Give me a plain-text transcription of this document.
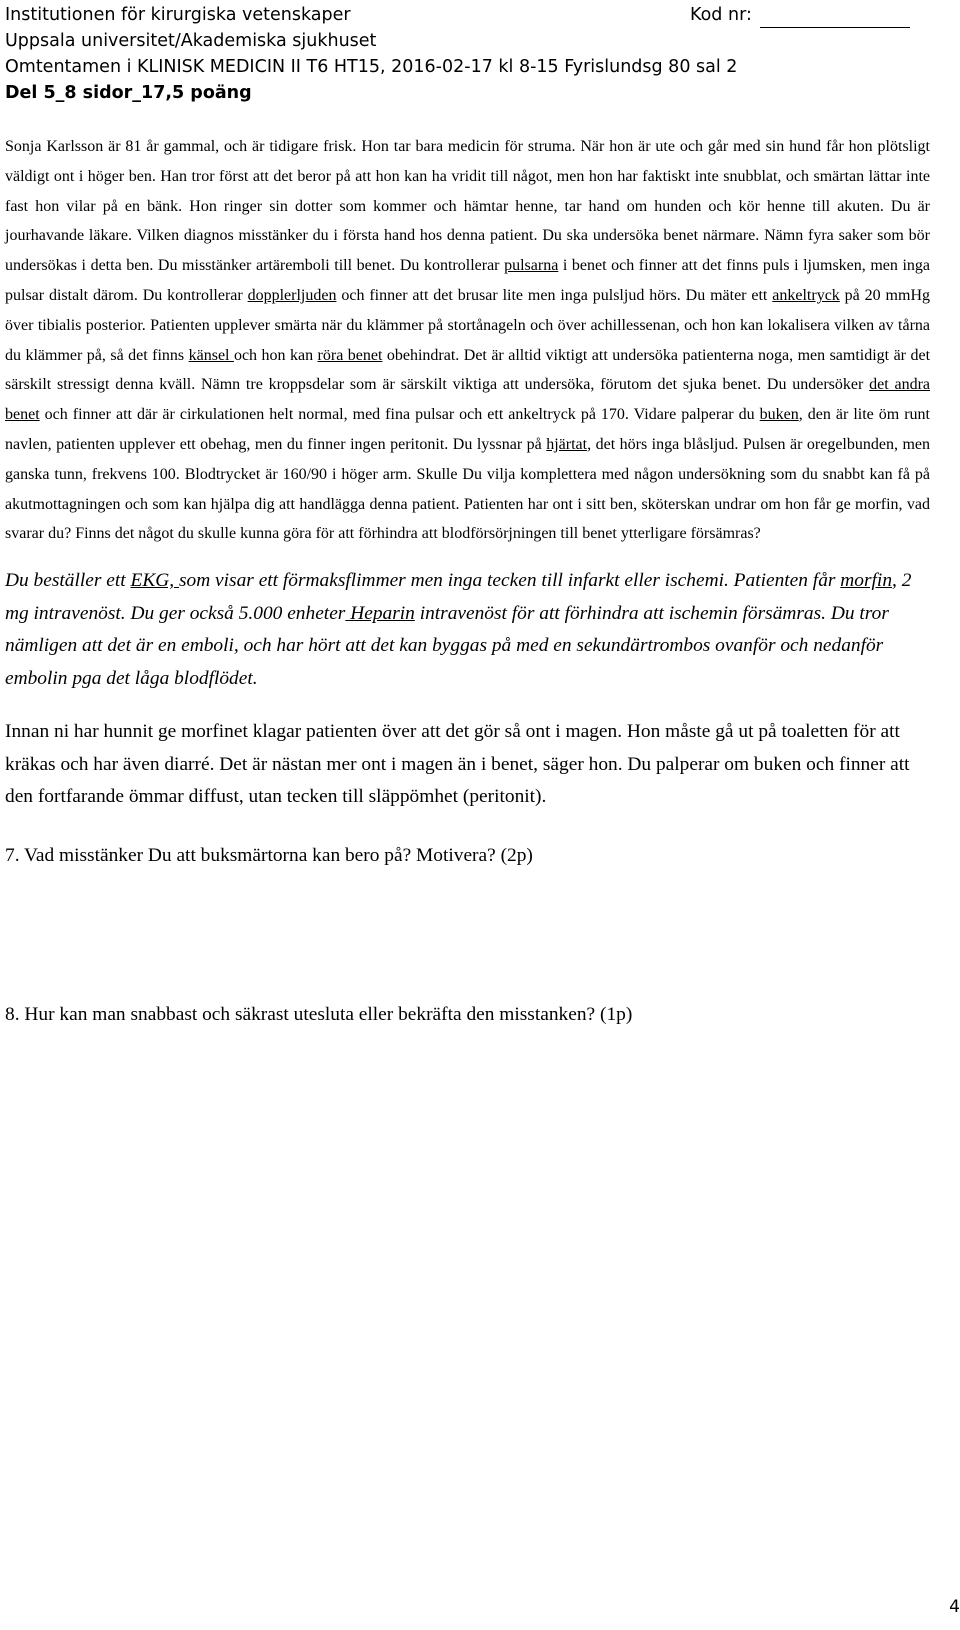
Institutionen för kirurgiska vetenskaper
Uppsala universitet/Akademiska sjukhuset
Omtentamen i KLINISK MEDICIN II T6 HT15, 2016-02-17 kl 8-15 Fyrislundsg 80 sal 2
Del 5_8 sidor_17,5 poäng
Kod nr:
Sonja Karlsson är 81 år gammal, och är tidigare frisk. Hon tar bara medicin för struma. När hon är ute och går med sin hund får hon plötsligt väldigt ont i höger ben. Han tror först att det beror på att hon kan ha vridit till något, men hon har faktiskt inte snubblat, och smärtan lättar inte fast hon vilar på en bänk. Hon ringer sin dotter som kommer och hämtar henne, tar hand om hunden och kör henne till akuten. Du är jourhavande läkare. Vilken diagnos misstänker du i första hand hos denna patient. Du ska undersöka benet närmare. Nämn fyra saker som bör undersökas i detta ben. Du misstänker artäremboli till benet. Du kontrollerar pulsarna i benet och finner att det finns puls i ljumsken, men inga pulsar distalt därom. Du kontrollerar dopplerljuden och finner att det brusar lite men inga pulsljud hörs. Du mäter ett ankeltryck på 20 mmHg över tibialis posterior. Patienten upplever smärta när du klämmer på stortånageln och över achillessenan, och hon kan lokalisera vilken av tårna du klämmer på, så det finns känsel och hon kan röra benet obehindrat. Det är alltid viktigt att undersöka patienterna noga, men samtidigt är det särskilt stressigt denna kväll. Nämn tre kroppsdelar som är särskilt viktiga att undersöka, förutom det sjuka benet. Du undersöker det andra benet och finner att där är cirkulationen helt normal, med fina pulsar och ett ankeltryck på 170. Vidare palperar du buken, den är lite öm runt navlen, patienten upplever ett obehag, men du finner ingen peritonit. Du lyssnar på hjärtat, det hörs inga blåsljud. Pulsen är oregelbunden, men ganska tunn, frekvens 100. Blodtrycket är 160/90 i höger arm. Skulle Du vilja komplettera med någon undersökning som du snabbt kan få på akutmottagningen och som kan hjälpa dig att handlägga denna patient. Patienten har ont i sitt ben, sköterskan undrar om hon får ge morfin, vad svarar du? Finns det något du skulle kunna göra för att förhindra att blodförsörjningen till benet ytterligare försämras?
Du beställer ett EKG, som visar ett förmaksflimmer men inga tecken till infarkt eller ischemi. Patienten får morfin, 2 mg intravenöst. Du ger också 5.000 enheter Heparin intravenöst för att förhindra att ischemin försämras. Du tror nämligen att det är en emboli, och har hört att det kan byggas på med en sekundärtrombos ovanför och nedanför embolin pga det låga blodflödet.
Innan ni har hunnit ge morfinet klagar patienten över att det gör så ont i magen. Hon måste gå ut på toaletten för att kräkas och har även diarré. Det är nästan mer ont i magen än i benet, säger hon. Du palperar om buken och finner att den fortfarande ömmar diffust, utan tecken till släppömhet (peritonit).
7. Vad misstänker Du att buksmärtorna kan bero på? Motivera? (2p)
8. Hur kan man snabbast och säkrast utesluta eller bekräfta den misstanken? (1p)
4
